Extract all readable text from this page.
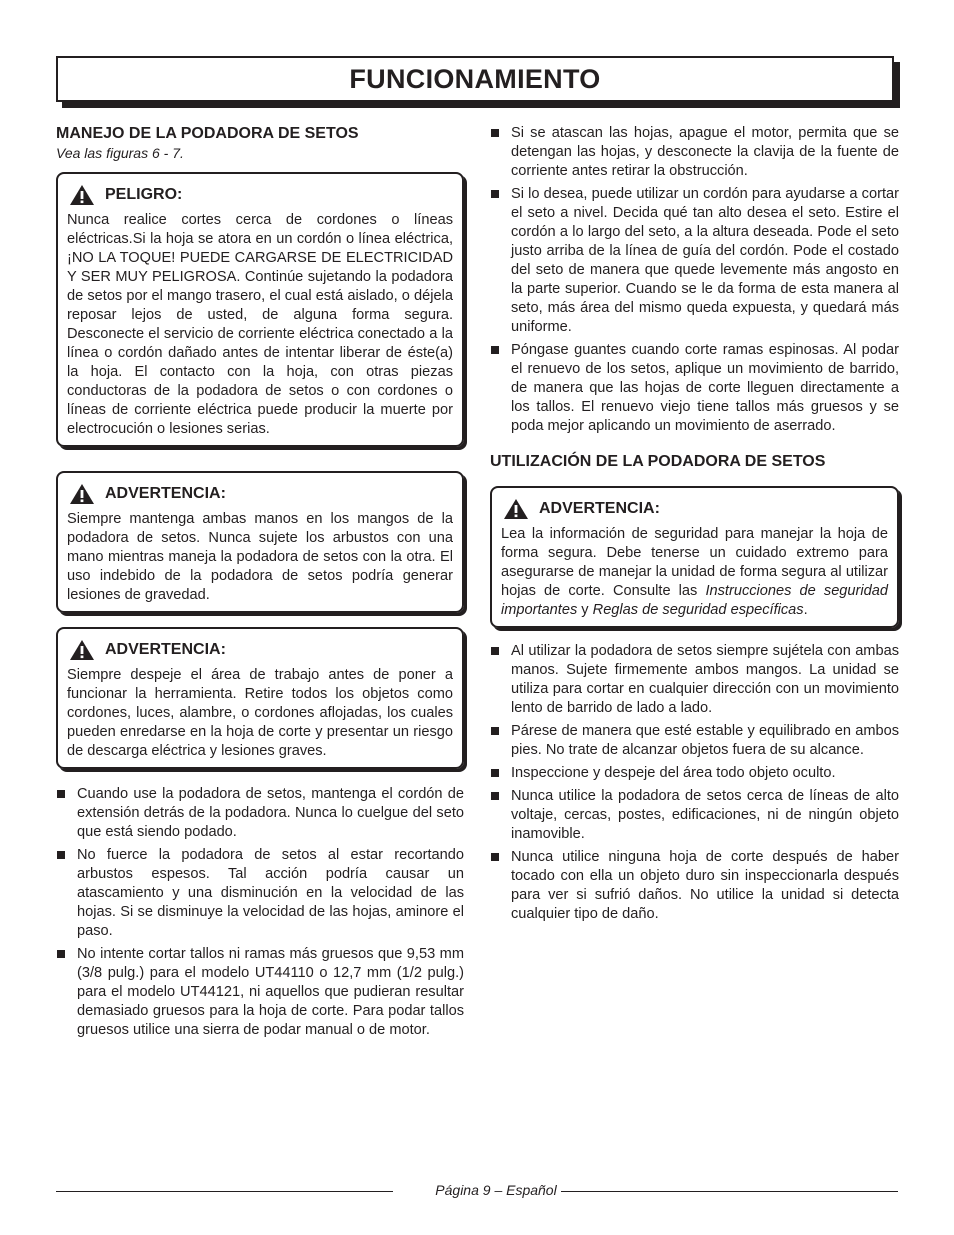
FUNCIONAMIENTO
MANEJO DE LA PODADORA DE SETOS

Vea las figuras 6 - 7.

PELIGRO:

Nunca realice cortes cerca de cordones o líneas eléctricas.Si la hoja se atora en un cordón o línea eléctrica, ¡NO LA TOQUE! PUEDE CARGARSE DE ELECTRICIDAD Y SER MUY PELIGROSA. Continúe sujetando la podadora de setos por el mango trasero, el cual está aislado, o déjela reposar lejos de usted, de alguna forma segura. Desconecte el servicio de corriente eléctrica conectado a la línea o cordón dañado antes de intentar liberar de éste(a) la hoja. El contacto con la hoja, con otras piezas conductoras de la podadora de setos o con cordones o líneas de corriente eléctrica puede producir la muerte por electrocución o lesiones serias.

ADVERTENCIA:

Siempre mantenga ambas manos en los mangos de la podadora de setos. Nunca sujete los arbustos con una mano mientras maneja la podadora de setos con la otra. El uso indebido de la podadora de setos podría generar lesiones de gravedad.

ADVERTENCIA:

Siempre despeje el área de trabajo antes de poner a funcionar la herramienta. Retire todos los objetos como cordones, luces, alambre, o cordones aflojadas, los cuales pueden enredarse en la hoja de corte y presentar un riesgo de descarga eléctrica y lesiones graves.

Cuando use la podadora de setos, mantenga el cordón de extensión detrás de la podadora. Nunca lo cuelgue del seto que está siendo podado.
No fuerce la podadora de setos al estar recortando arbustos espesos. Tal acción podría causar un atascamiento y una disminución en la velocidad de las hojas. Si se disminuye la velocidad de las hojas, aminore el paso.
No intente cortar tallos ni ramas más gruesos que 9,53 mm (3/8 pulg.) para el modelo UT44110 o 12,7 mm (1/2 pulg.) para el modelo UT44121, ni aquellos que pudieran resultar demasiado gruesos para la hoja de corte. Para podar tallos gruesos utilice una sierra de podar manual o de motor.
Si se atascan las hojas, apague el motor, permita que se detengan las hojas, y desconecte la clavija de la fuente de corriente antes retirar la obstrucción.
Si lo desea, puede utilizar un cordón para ayudarse a cortar el seto a nivel. Decida qué tan alto desea el seto. Estire el cordón a lo largo del seto, a la altura deseada. Pode el seto justo arriba de la línea de guía del cordón. Pode el costado del seto de manera que quede levemente más angosto en la parte superior. Cuando se le da forma de esta manera al seto, más área del mismo queda expuesta, y quedará más uniforme.
Póngase guantes cuando corte ramas espinosas. Al podar el renuevo de los setos, aplique un movimiento de barrido, de manera que las hojas de corte lleguen directamente a los tallos. El renuevo viejo tiene tallos más gruesos y se poda mejor aplicando un movimiento de aserrado.
UTILIZACIÓN DE LA PODADORA DE SETOS
ADVERTENCIA:

Lea la información de seguridad para manejar la hoja de forma segura. Debe tenerse un cuidado extremo para asegurarse de manejar la unidad de forma segura al utilizar hojas de corte. Consulte las Instrucciones de seguridad importantes y Reglas de seguridad específicas.

Al utilizar la podadora de setos siempre sujétela con ambas manos. Sujete firmemente ambos mangos. La unidad se utiliza para cortar en cualquier dirección con un movimiento lento de barrido de lado a lado.
Párese de manera que esté estable y equilibrado en ambos pies. No trate de alcanzar objetos fuera de su alcance.
Inspeccione y despeje del área todo objeto oculto.
Nunca utilice la podadora de setos cerca de líneas de alto voltaje, cercas, postes, edificaciones, ni de ningún objeto inamovible.
Nunca utilice ninguna hoja de corte después de haber tocado con ella un objeto duro sin inspeccionarla después para ver si sufrió daños. No utilice la unidad si detecta cualquier tipo de daño.
Página 9 – Español
